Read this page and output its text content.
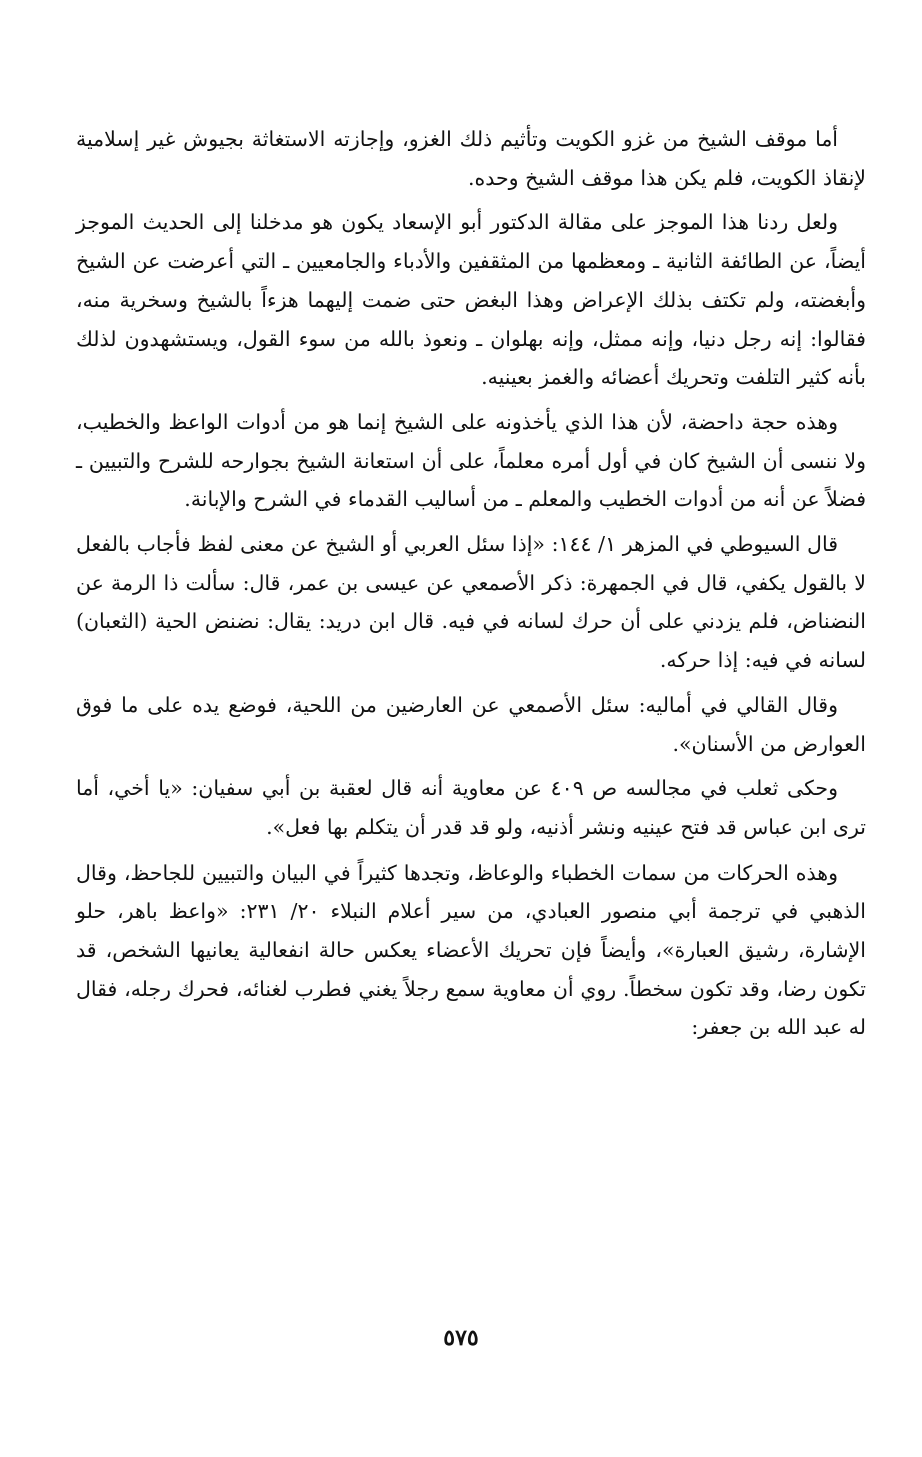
أما موقف الشيخ من غزو الكويت وتأثيم ذلك الغزو، وإجازته الاستغاثة بجيوش غير إسلامية لإنقاذ الكويت، فلم يكن هذا موقف الشيخ وحده.

ولعل ردنا هذا الموجز على مقالة الدكتور أبو الإسعاد يكون هو مدخلنا إلى الحديث الموجز أيضاً، عن الطائفة الثانية ـ ومعظمها من المثقفين والأدباء والجامعيين ـ التي أعرضت عن الشيخ وأبغضته، ولم تكتف بذلك الإعراض وهذا البغض حتى ضمت إليهما هزءاً بالشيخ وسخرية منه، فقالوا: إنه رجل دنيا، وإنه ممثل، وإنه بهلوان ـ ونعوذ بالله من سوء القول، ويستشهدون لذلك بأنه كثير التلفت وتحريك أعضائه والغمز بعينيه.

وهذه حجة داحضة، لأن هذا الذي يأخذونه على الشيخ إنما هو من أدوات الواعظ والخطيب، ولا ننسى أن الشيخ كان في أول أمره معلماً، على أن استعانة الشيخ بجوارحه للشرح والتبيين ـ فضلاً عن أنه من أدوات الخطيب والمعلم ـ من أساليب القدماء في الشرح والإبانة.

قال السيوطي في المزهر ١/ ١٤٤: «إذا سئل العربي أو الشيخ عن معنى لفظ فأجاب بالفعل لا بالقول يكفي، قال في الجمهرة: ذكر الأصمعي عن عيسى بن عمر، قال: سألت ذا الرمة عن النضناض، فلم يزدني على أن حرك لسانه في فيه. قال ابن دريد: يقال: نضنض الحية (الثعبان) لسانه في فيه: إذا حركه.

وقال القالي في أماليه: سئل الأصمعي عن العارضين من اللحية، فوضع يده على ما فوق العوارض من الأسنان».

وحكى ثعلب في مجالسه ص ٤٠٩ عن معاوية أنه قال لعقبة بن أبي سفيان: «يا أخي، أما ترى ابن عباس قد فتح عينيه ونشر أذنيه، ولو قد قدر أن يتكلم بها فعل».

وهذه الحركات من سمات الخطباء والوعاظ، وتجدها كثيراً في البيان والتبيين للجاحظ، وقال الذهبي في ترجمة أبي منصور العبادي، من سير أعلام النبلاء ٢٠/ ٢٣١: «واعظ باهر، حلو الإشارة، رشيق العبارة»، وأيضاً فإن تحريك الأعضاء يعكس حالة انفعالية يعانيها الشخص، قد تكون رضا، وقد تكون سخطاً. روي أن معاوية سمع رجلاً يغني فطرب لغنائه، فحرك رجله، فقال له عبد الله بن جعفر:

٥٧٥
